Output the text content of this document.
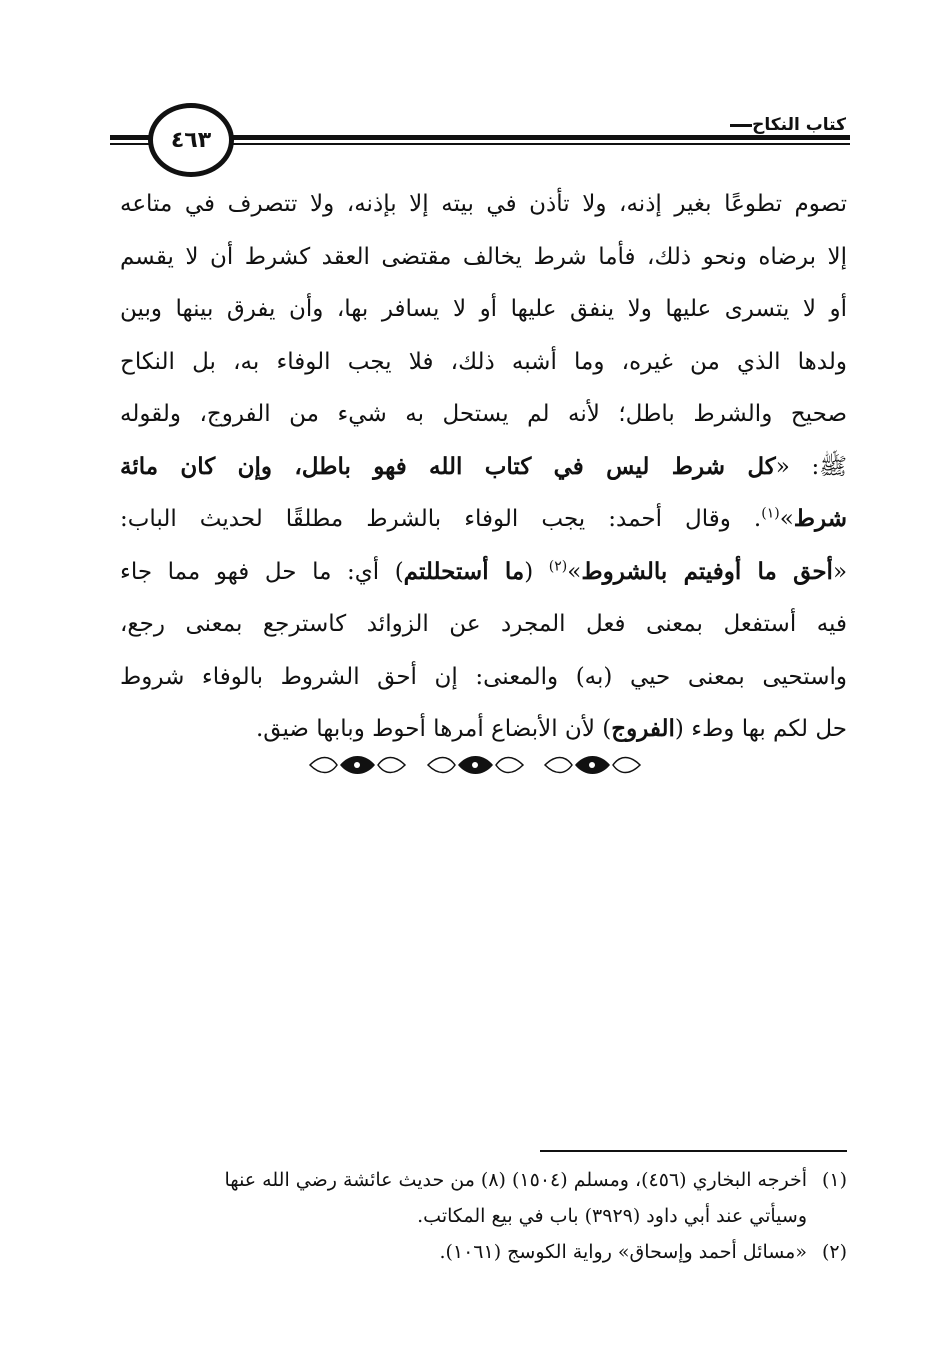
كتاب النكاح
٤٦٣
تصوم تطوعًا بغير إذنه، ولا تأذن في بيته إلا بإذنه، ولا تتصرف في متاعه
إلا برضاه ونحو ذلك، فأما شرط يخالف مقتضى العقد كشرط أن لا يقسم
أو لا يتسرى عليها ولا ينفق عليها أو لا يسافر بها، وأن يفرق بينها وبين
ولدها الذي من غيره، وما أشبه ذلك، فلا يجب الوفاء به، بل النكاح
صحيح والشرط باطل؛ لأنه لم يستحل به شيء من الفروج، ولقوله
ﷺ: «كل شرط ليس في كتاب الله فهو باطل، وإن كان مائة
شرط»$^{(١)}$. وقال أحمد: يجب الوفاء بالشرط مطلقًا لحديث الباب:
«أحق ما أوفيتم بالشروط»$^{(٢)}$ (ما أستحللتم) أي: ما حل فهو مما جاء
فيه أستفعل بمعنى فعل المجرد عن الزوائد كاسترجع بمعنى رجع،
واستحيى بمعنى حيي (به) والمعنى: إن أحق الشروط بالوفاء شروط
حل لكم بها وطء (الفروج) لأن الأبضاع أمرها أحوط وبابها ضيق.
(١)أخرجه البخاري (٤٥٦)، ومسلم (١٥٠٤) (٨) من حديث عائشة رضي الله عنها
وسيأتي عند أبي داود (٣٩٢٩) باب في بيع المكاتب.
(٢)«مسائل أحمد وإسحاق» رواية الكوسج (١٠٦١).
